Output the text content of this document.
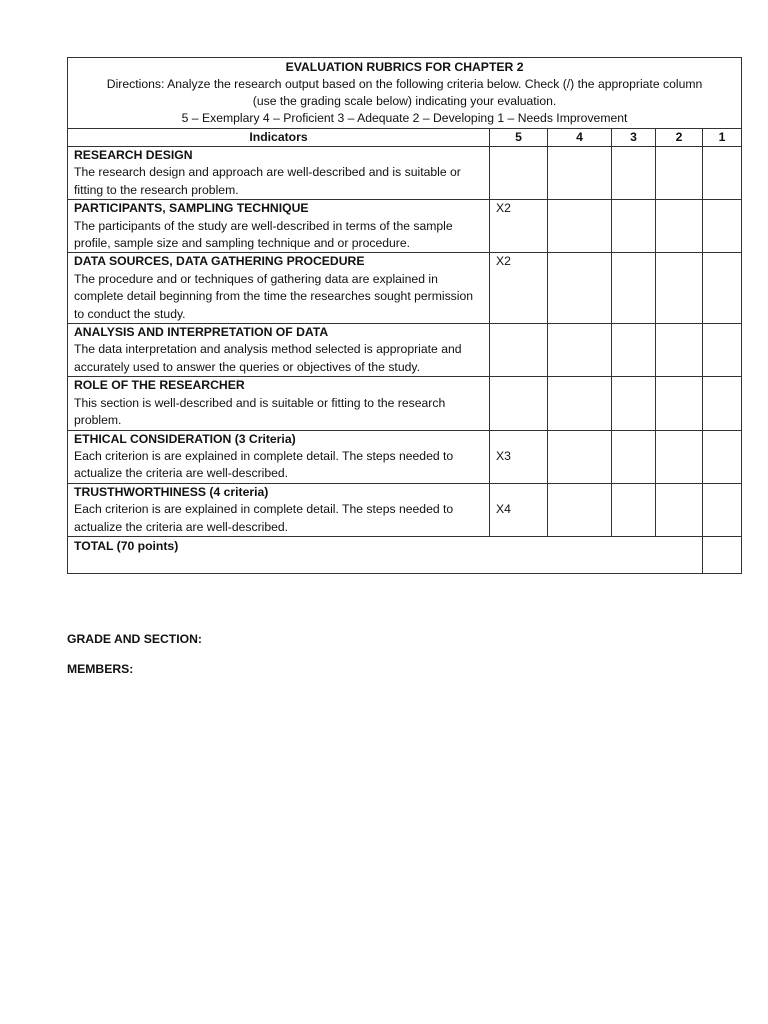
EVALUATION RUBRICS FOR CHAPTER 2
Directions: Analyze the research output based on the following criteria below. Check (/) the appropriate column
(use the grading scale below) indicating your evaluation.
5 – Exemplary 4 – Proficient 3 – Adequate 2 – Developing 1 – Needs Improvement					

Indicators	5	4	3	2	1

RESEARCH DESIGN
The research design and approach are well-described and is suitable or fitting to the research problem.					

PARTICIPANTS, SAMPLING TECHNIQUE
The participants of the study are well-described in terms of the sample profile, sample size and sampling technique and or procedure.	X2				

DATA SOURCES, DATA GATHERING PROCEDURE
The procedure and or techniques of gathering data are explained in complete detail beginning from the time the researches sought permission to conduct the study.	X2				

ANALYSIS AND INTERPRETATION OF DATA
The data interpretation and analysis method selected is appropriate and accurately used to answer the queries or objectives of the study.					

ROLE OF THE RESEARCHER
This section is well-described and is suitable or fitting to the research problem.					

ETHICAL CONSIDERATION (3 Criteria)
Each criterion is are explained in complete detail. The steps needed to actualize the criteria are well-described.	X3				

TRUSTHWORTHINESS (4 criteria)
Each criterion is are explained in complete detail. The steps needed to actualize the criteria are well-described.	X4				
TOTAL (70 points)					
GRADE AND SECTION:
MEMBERS:
